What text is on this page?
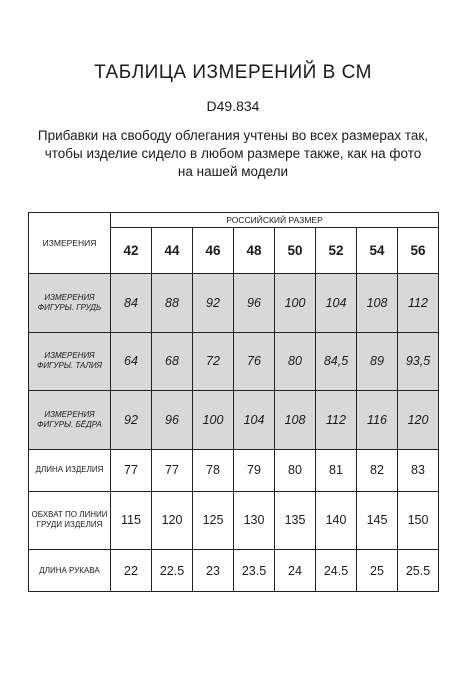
ТАБЛИЦА ИЗМЕРЕНИЙ В СМ
D49.834
Прибавки на свободу облегания учтены во всех размерах так,
чтобы изделие сидело в любом размере также, как на фото
на нашей модели
ИЗМЕРЕНИЯ	РОССИЙСКИЙ РАЗМЕР							
	42	44	46	48	50	52	54	56
ИЗМЕРЕНИЯ ФИГУРЫ. ГРУДЬ	84	88	92	96	100	104	108	112
ИЗМЕРЕНИЯ ФИГУРЫ. ТАЛИЯ	64	68	72	76	80	84,5	89	93,5
ИЗМЕРЕНИЯ ФИГУРЫ. БЁДРА	92	96	100	104	108	112	116	120
ДЛИНА ИЗДЕЛИЯ	77	77	78	79	80	81	82	83
ОБХВАТ ПО ЛИНИИ ГРУДИ ИЗДЕЛИЯ	115	120	125	130	135	140	145	150
ДЛИНА РУКАВА	22	22.5	23	23.5	24	24.5	25	25.5
